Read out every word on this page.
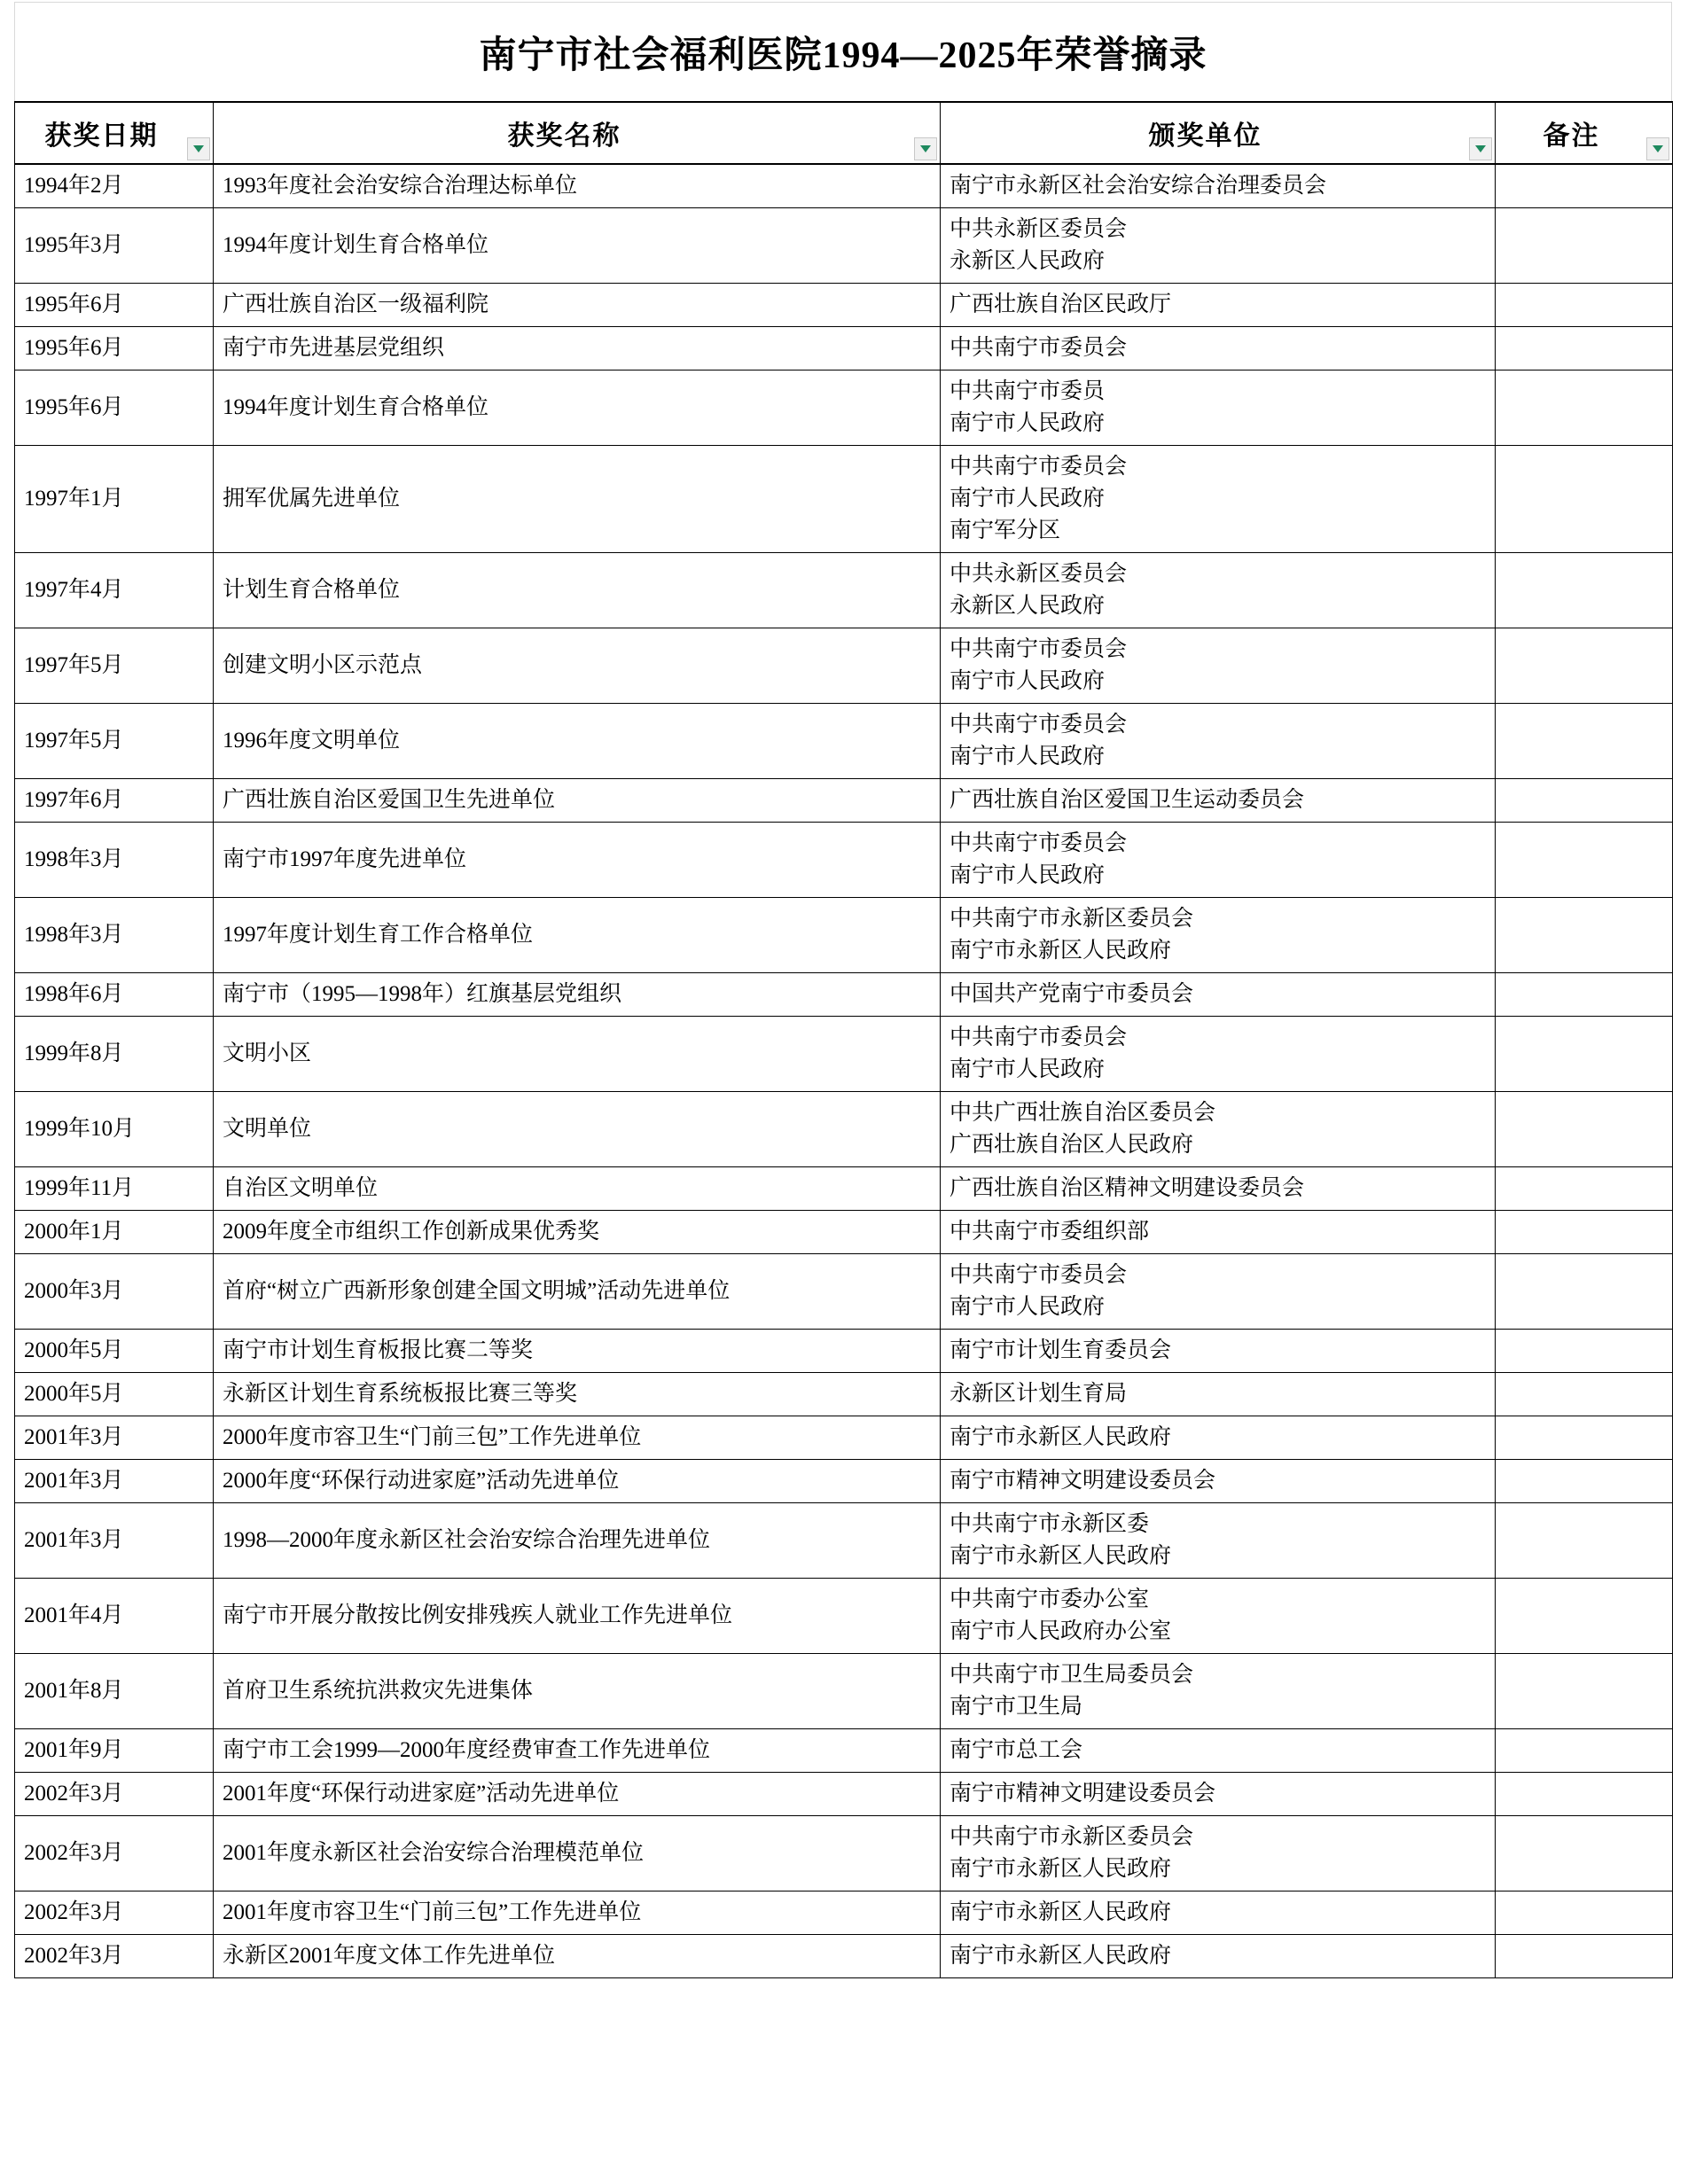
南宁市社会福利医院1994—2025年荣誉摘录
获奖日期	获奖名称	颁奖单位	备注

1994年2月	1993年度社会治安综合治理达标单位	南宁市永新区社会治安综合治理委员会	

1995年3月	1994年度计划生育合格单位	中共永新区委员会
永新区人民政府	

1995年6月	广西壮族自治区一级福利院	广西壮族自治区民政厅	

1995年6月	南宁市先进基层党组织	中共南宁市委员会	

1995年6月	1994年度计划生育合格单位	中共南宁市委员
南宁市人民政府	

1997年1月	拥军优属先进单位	中共南宁市委员会
南宁市人民政府
南宁军分区	

1997年4月	计划生育合格单位	中共永新区委员会
永新区人民政府	

1997年5月	创建文明小区示范点	中共南宁市委员会
南宁市人民政府	

1997年5月	1996年度文明单位	中共南宁市委员会
南宁市人民政府	

1997年6月	广西壮族自治区爱国卫生先进单位	广西壮族自治区爱国卫生运动委员会	

1998年3月	南宁市1997年度先进单位	中共南宁市委员会
南宁市人民政府	

1998年3月	1997年度计划生育工作合格单位	中共南宁市永新区委员会
南宁市永新区人民政府	

1998年6月	南宁市（1995—1998年）红旗基层党组织	中国共产党南宁市委员会	

1999年8月	文明小区	中共南宁市委员会
南宁市人民政府	

1999年10月	文明单位	中共广西壮族自治区委员会
广西壮族自治区人民政府	

1999年11月	自治区文明单位	广西壮族自治区精神文明建设委员会	

2000年1月	2009年度全市组织工作创新成果优秀奖	中共南宁市委组织部	

2000年3月	首府“树立广西新形象创建全国文明城”活动先进单位	中共南宁市委员会
南宁市人民政府	

2000年5月	南宁市计划生育板报比赛二等奖	南宁市计划生育委员会	

2000年5月	永新区计划生育系统板报比赛三等奖	永新区计划生育局	

2001年3月	2000年度市容卫生“门前三包”工作先进单位	南宁市永新区人民政府	

2001年3月	2000年度“环保行动进家庭”活动先进单位	南宁市精神文明建设委员会	

2001年3月	1998—2000年度永新区社会治安综合治理先进单位	中共南宁市永新区委
南宁市永新区人民政府	

2001年4月	南宁市开展分散按比例安排残疾人就业工作先进单位	中共南宁市委办公室
南宁市人民政府办公室	

2001年8月	首府卫生系统抗洪救灾先进集体	中共南宁市卫生局委员会
南宁市卫生局	

2001年9月	南宁市工会1999—2000年度经费审查工作先进单位	南宁市总工会	

2002年3月	2001年度“环保行动进家庭”活动先进单位	南宁市精神文明建设委员会	

2002年3月	2001年度永新区社会治安综合治理模范单位	中共南宁市永新区委员会
南宁市永新区人民政府	

2002年3月	2001年度市容卫生“门前三包”工作先进单位	南宁市永新区人民政府	

2002年3月	永新区2001年度文体工作先进单位	南宁市永新区人民政府	
